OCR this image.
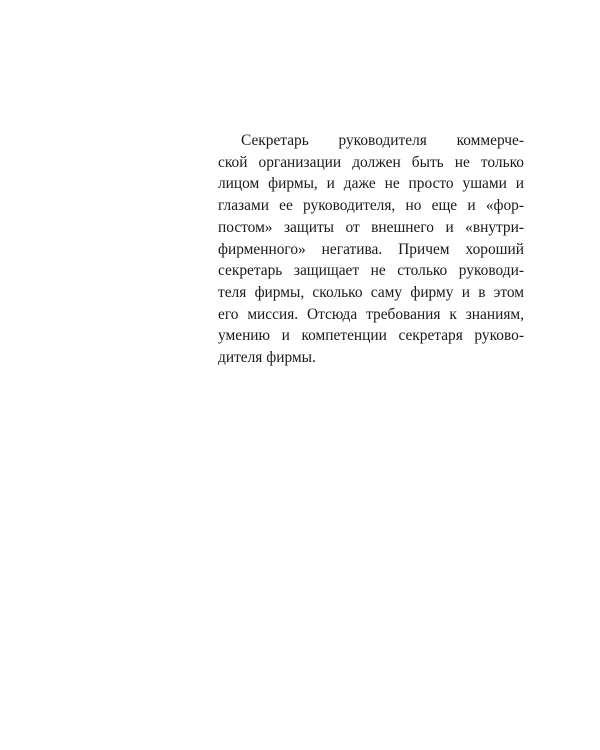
Секретарь руководителя коммерче-
ской организации должен быть не только
лицом фирмы, и даже не просто ушами и
глазами ее руководителя, но еще и «фор-
постом» защиты от внешнего и «внутри-
фирменного» негатива. Причем хороший
секретарь защищает не столько руководи-
теля фирмы, сколько саму фирму и в этом
его миссия. Отсюда требования к знаниям,
умению и компетенции секретаря руково-
дителя фирмы.
